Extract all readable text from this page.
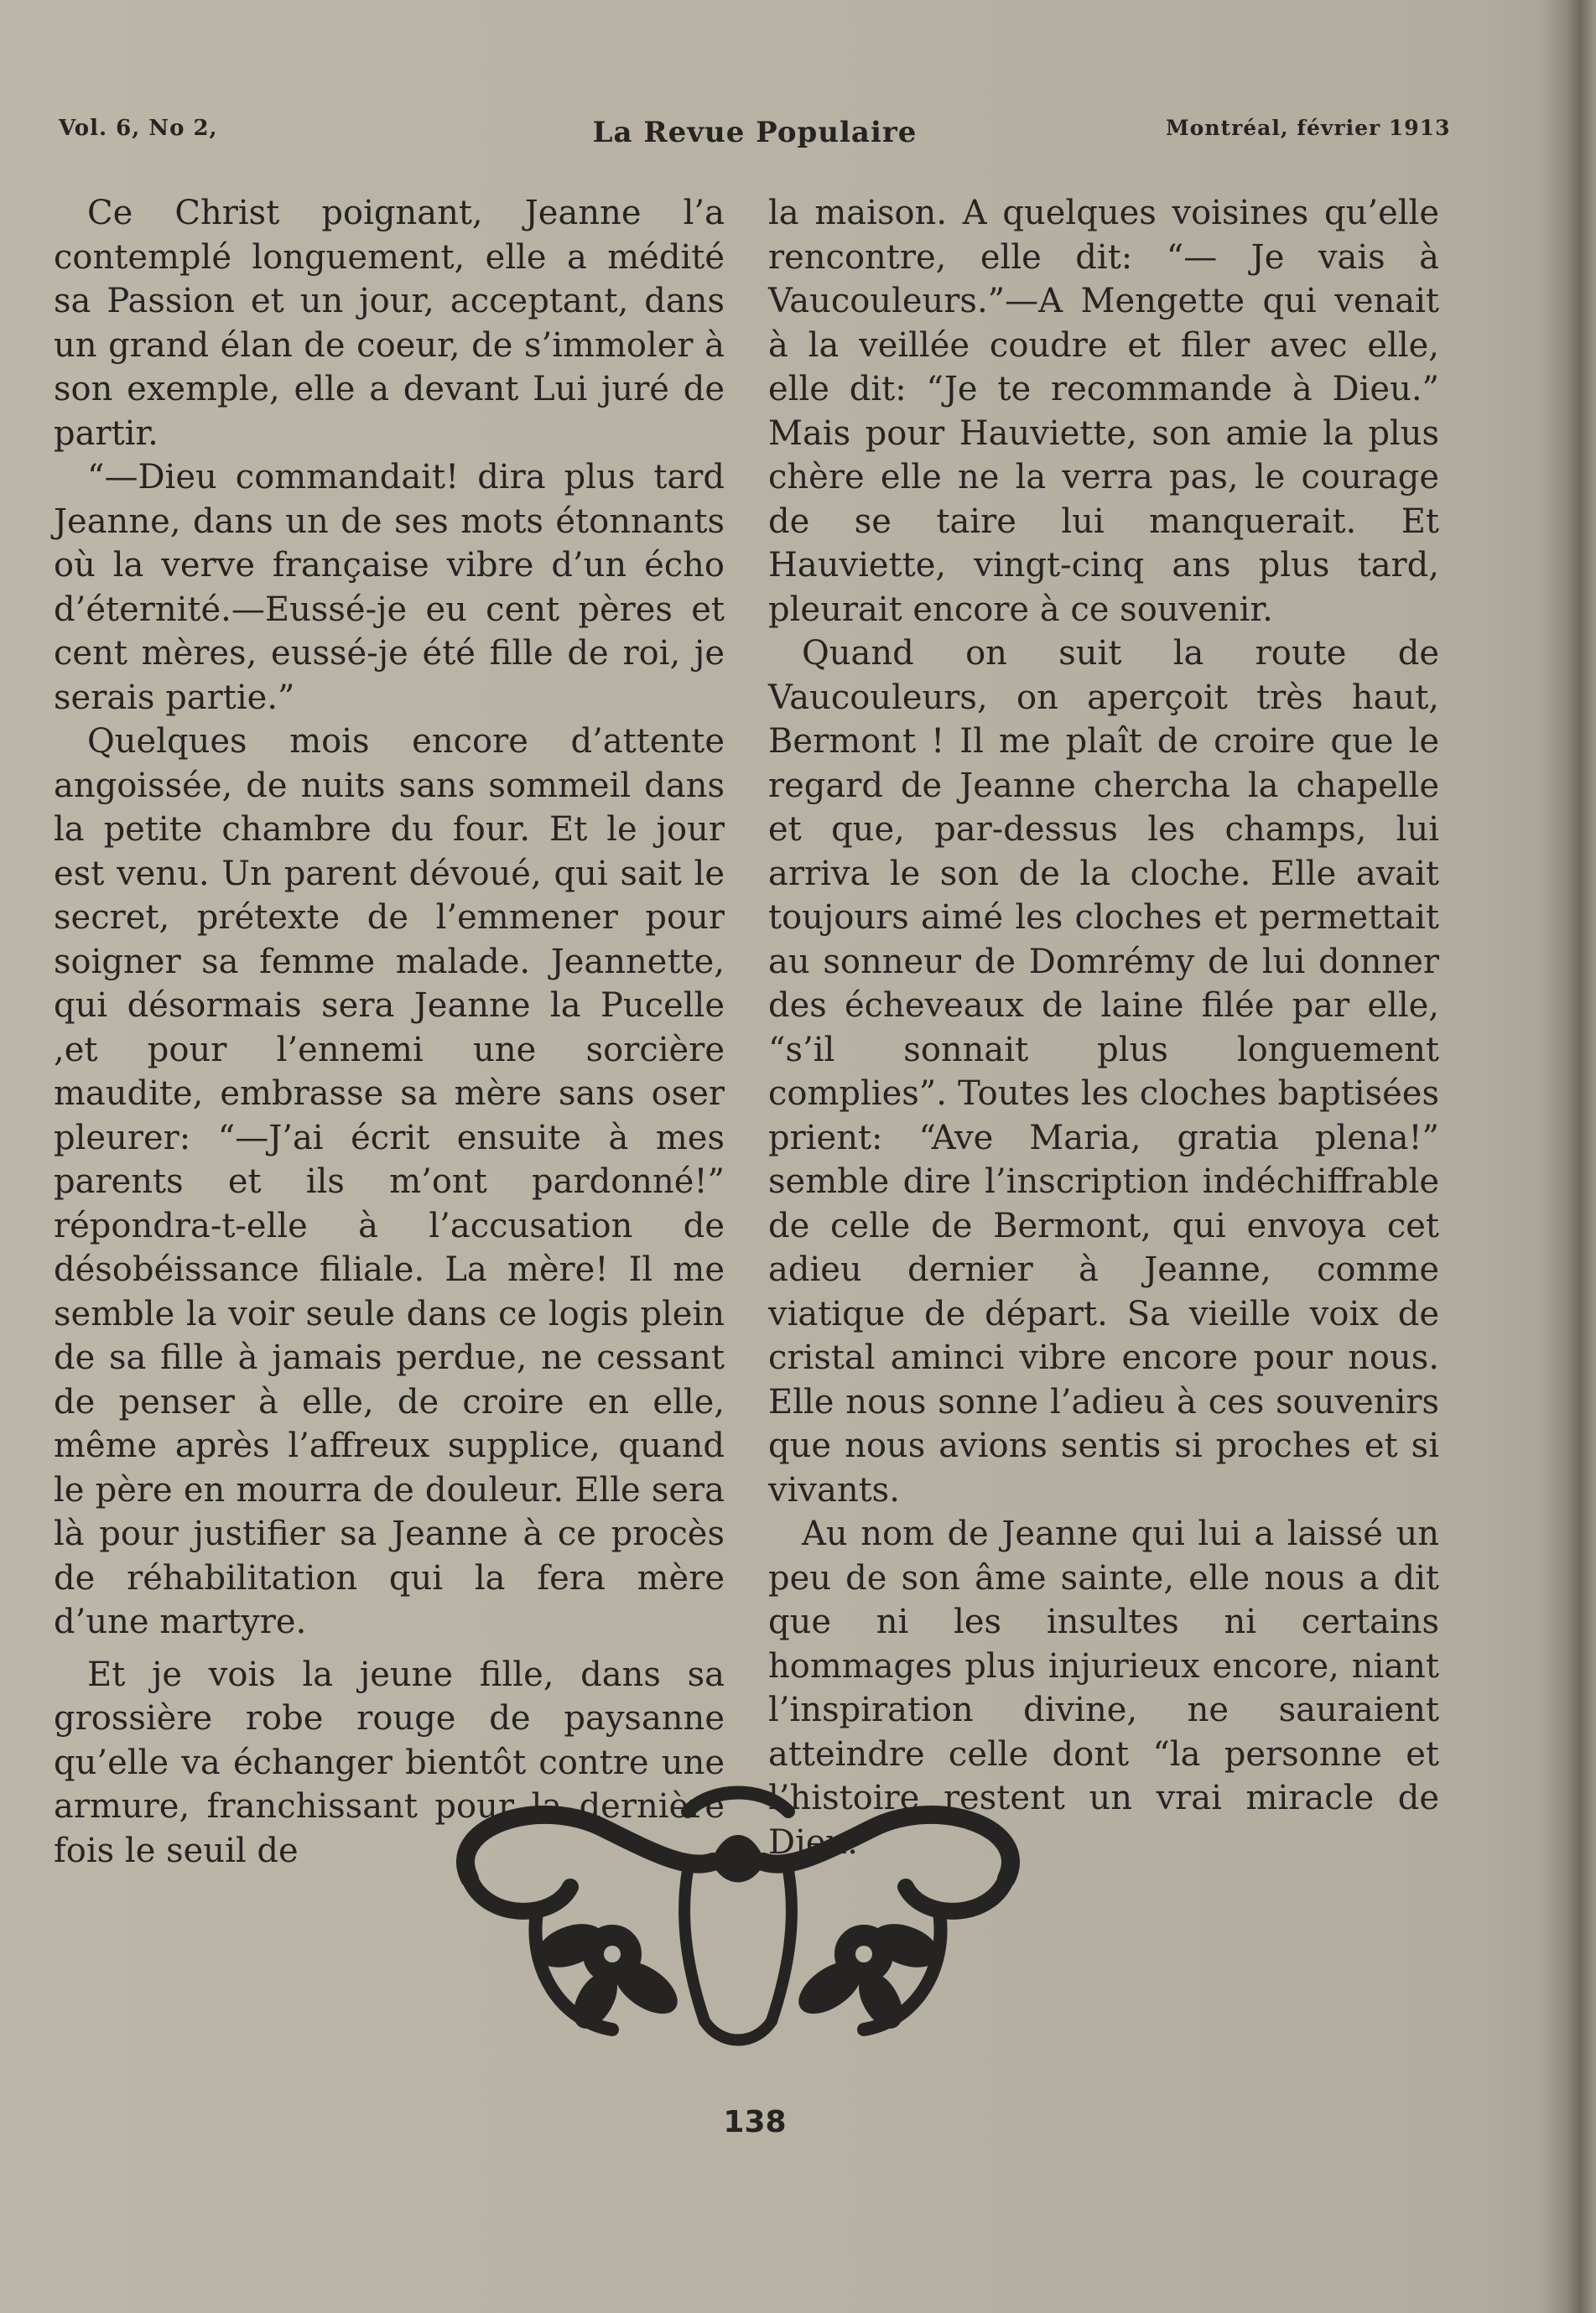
Vol. 6, No 2,	La Revue Populaire	Montréal, février 1913

Ce Christ poignant, Jeanne l’a contemplé longuement, elle a médité sa Passion et un jour, acceptant, dans un grand élan de coeur, de s’immoler à son exemple, elle a devant Lui juré de partir.

“—Dieu commandait! dira plus tard Jeanne, dans un de ses mots étonnants où la verve française vibre d’un écho d’éternité.—Eussé-je eu cent pères et cent mères, eussé-je été fille de roi, je serais partie.”

Quelques mois encore d’attente angoissée, de nuits sans sommeil dans la petite chambre du four. Et le jour est venu. Un parent dévoué, qui sait le secret, prétexte de l’emmener pour soigner sa femme malade. Jeannette, qui désormais sera Jeanne la Pucelle ,et pour l’ennemi une sorcière maudite, embrasse sa mère sans oser pleurer: “—J’ai écrit ensuite à mes parents et ils m’ont pardonné!” répondra-t-elle à l’accusation de désobéissance filiale. La mère! Il me semble la voir seule dans ce logis plein de sa fille à jamais perdue, ne cessant de penser à elle, de croire en elle, même après l’affreux supplice, quand le père en mourra de douleur. Elle sera là pour justifier sa Jeanne à ce procès de réhabilitation qui la fera mère d’une martyre.

Et je vois la jeune fille, dans sa grossière robe rouge de paysanne qu’elle va échanger bientôt contre une armure, franchissant pour la dernière fois le seuil de

la maison. A quelques voisines qu’elle rencontre, elle dit: “— Je vais à Vaucouleurs.”—A Mengette qui venait à la veillée coudre et filer avec elle, elle dit: “Je te recommande à Dieu.” Mais pour Hauviette, son amie la plus chère elle ne la verra pas, le courage de se taire lui manquerait. Et Hauviette, vingt-cinq ans plus tard, pleurait encore à ce souvenir.

Quand on suit la route de Vaucouleurs, on aperçoit très haut, Bermont ! Il me plaît de croire que le regard de Jeanne chercha la chapelle et que, par-dessus les champs, lui arriva le son de la cloche. Elle avait toujours aimé les cloches et permettait au sonneur de Domrémy de lui donner des écheveaux de laine filée par elle, “s’il sonnait plus longuement complies”. Toutes les cloches baptisées prient: “Ave Maria, gratia plena!” semble dire l’inscription indéchiffrable de celle de Bermont, qui envoya cet adieu dernier à Jeanne, comme viatique de départ. Sa vieille voix de cristal aminci vibre encore pour nous. Elle nous sonne l’adieu à ces souvenirs que nous avions sentis si proches et si vivants.

Au nom de Jeanne qui lui a laissé un peu de son âme sainte, elle nous a dit que ni les insultes ni certains hommages plus injurieux encore, niant l’inspiration divine, ne sauraient atteindre celle dont “la personne et l’histoire restent un vrai miracle de Dieu.”

138
